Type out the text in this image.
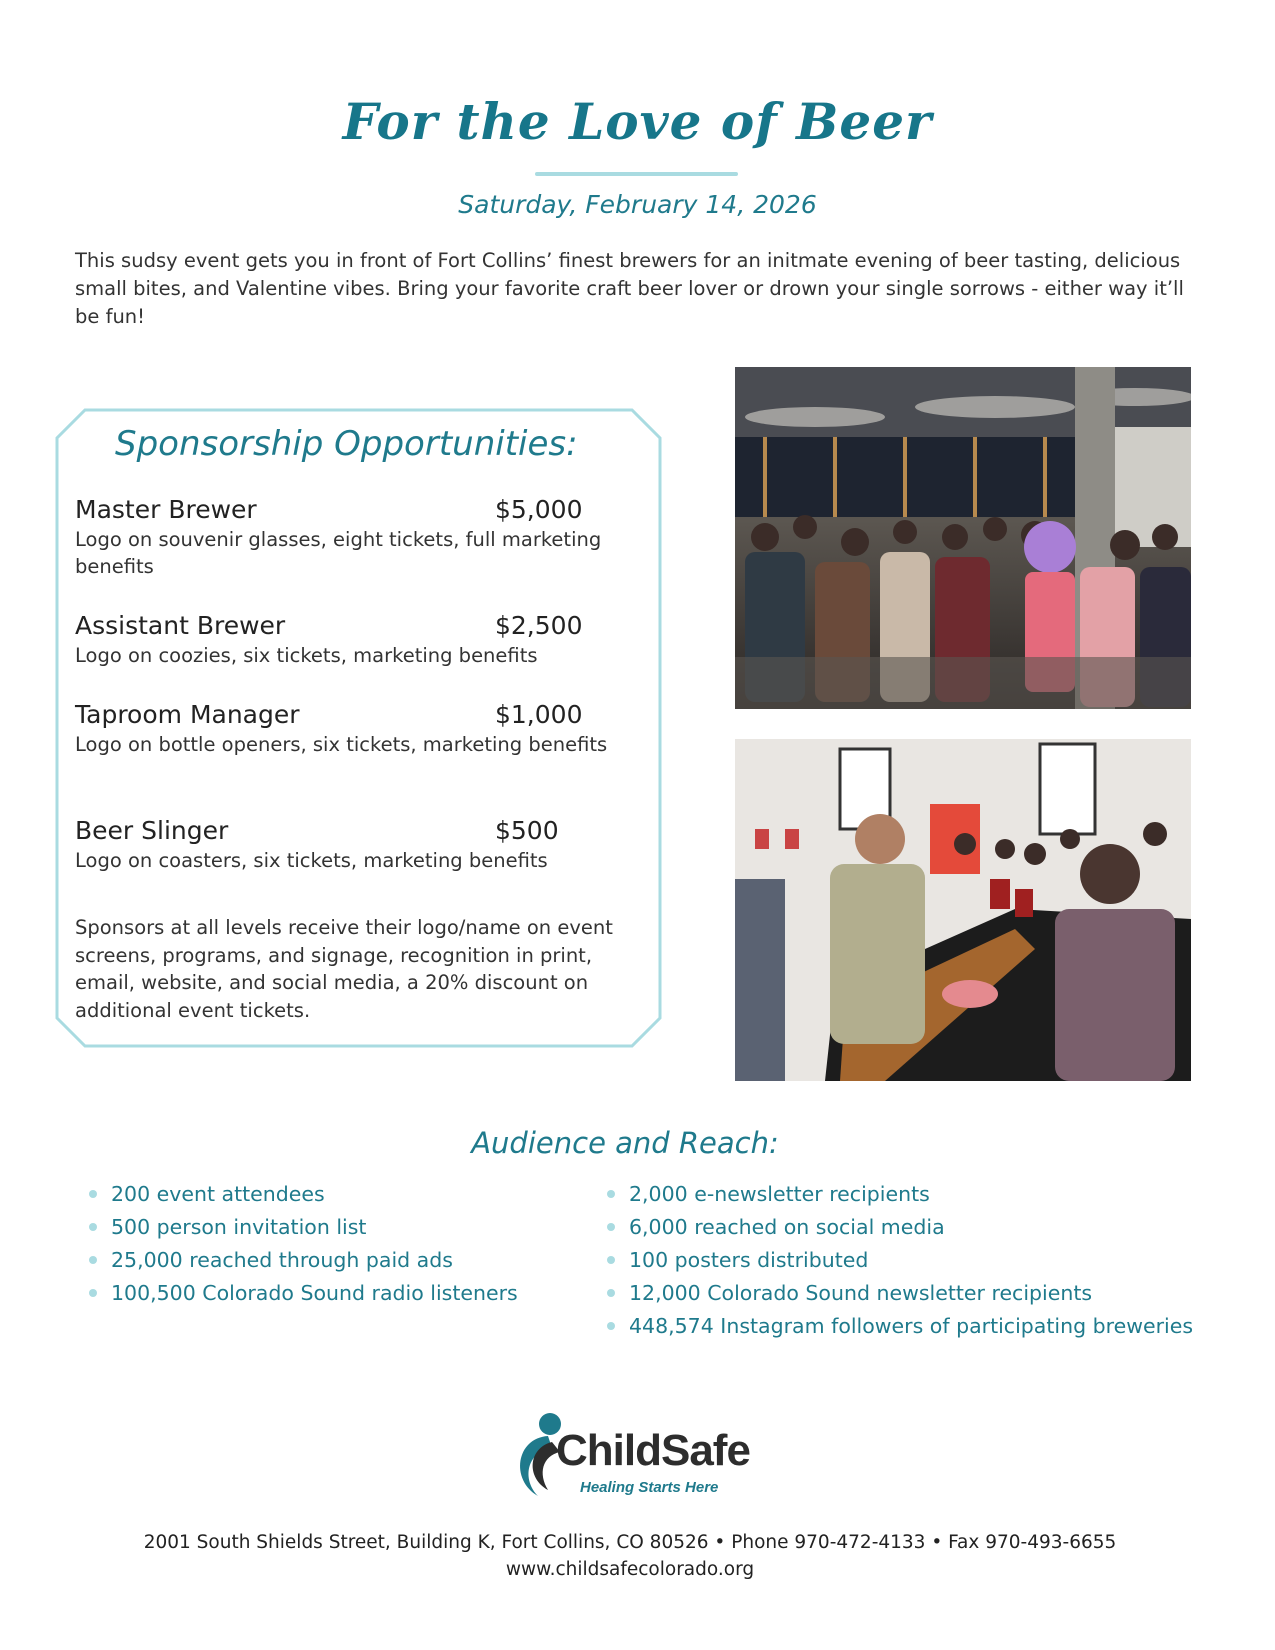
For the Love of Beer
Saturday, February 14, 2026
This sudsy event gets you in front of Fort Collins’ finest brewers for an initmate evening of beer tasting, delicious small bites, and Valentine vibes. Bring your favorite craft beer lover or drown your single sorrows - either way it’ll be fun!
Sponsorship Opportunities:
Master Brewer	$5,000
Logo on souvenir glasses, eight tickets, full marketing benefits
Assistant Brewer	$2,500
Logo on coozies, six tickets, marketing benefits
Taproom Manager	$1,000
Logo on bottle openers, six tickets, marketing benefits
Beer Slinger	$500
Logo on coasters, six tickets, marketing benefits
Sponsors at all levels receive their logo/name on event screens, programs, and signage, recognition in print, email, website, and social media, a 20% discount on additional event tickets.
Audience and Reach:
200 event attendees
500 person invitation list
25,000 reached through paid ads
100,500 Colorado Sound radio listeners
2,000 e-newsletter recipients
6,000 reached on social media
100 posters distributed
12,000 Colorado Sound newsletter recipients
448,574 Instagram followers of participating breweries
ChildSafe
Healing Starts Here
2001 South Shields Street, Building K, Fort Collins, CO 80526 • Phone 970-472-4133 • Fax 970-493-6655
www.childsafecolorado.org
